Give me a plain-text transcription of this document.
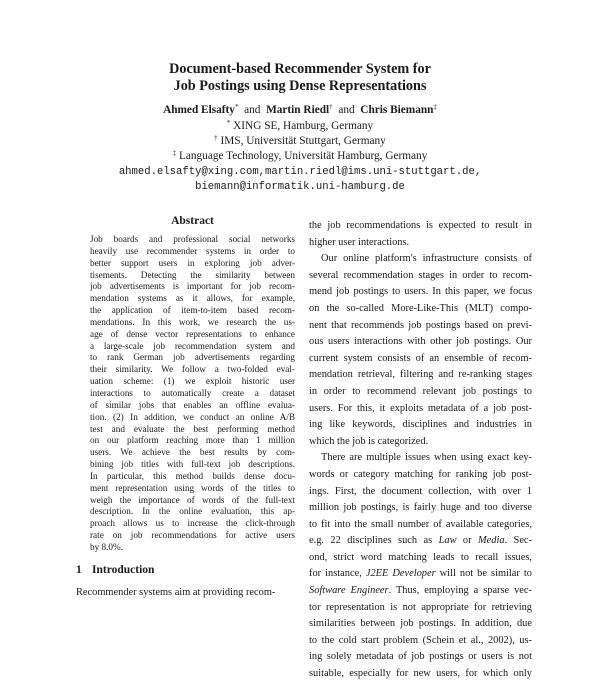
Document-based Recommender System for
Job Postings using Dense Representations
Ahmed Elsafty* and Martin Riedl† and Chris Biemann‡
* XING SE, Hamburg, Germany
† IMS, Universität Stuttgart, Germany
‡ Language Technology, Universität Hamburg, Germany
ahmed.elsafty@xing.com,martin.riedl@ims.uni-stuttgart.de,
biemann@informatik.uni-hamburg.de
Abstract
Job boards and professional social networks
heavily use recommender systems in order to
better support users in exploring job adver-
tisements. Detecting the similarity between
job advertisements is important for job recom-
mendation systems as it allows, for example,
the application of item-to-item based recom-
mendations. In this work, we research the us-
age of dense vector representations to enhance
a large-scale job recommendation system and
to rank German job advertisements regarding
their similarity. We follow a two-folded eval-
uation scheme: (1) we exploit historic user
interactions to automatically create a dataset
of similar jobs that enables an offline evalua-
tion. (2) In addition, we conduct an online A/B
test and evaluate the best performing method
on our platform reaching more than 1 million
users. We achieve the best results by com-
bining job titles with full-text job descriptions.
In particular, this method builds dense docu-
ment representation using words of the titles to
weigh the importance of words of the full-text
description. In the online evaluation, this ap-
proach allows us to increase the click-through
rate on job recommendations for active users
by 8.0%.
1 Introduction
Recommender systems aim at providing recom-
the job recommendations is expected to result in
higher user interactions.
Our online platform's infrastructure consists of
several recommendation stages in order to recom-
mend job postings to users. In this paper, we focus
on the so-called More-Like-This (MLT) compo-
nent that recommends job postings based on previ-
ous users interactions with other job postings. Our
current system consists of an ensemble of recom-
mendation retrieval, filtering and re-ranking stages
in order to recommend relevant job postings to
users. For this, it exploits metadata of a job post-
ing like keywords, disciplines and industries in
which the job is categorized.
There are multiple issues when using exact key-
words or category matching for ranking job post-
ings. First, the document collection, with over 1
million job postings, is fairly huge and too diverse
to fit into the small number of available categories,
e.g. 22 disciplines such as Law or Media. Sec-
ond, strict word matching leads to recall issues,
for instance, J2EE Developer will not be similar to
Software Engineer. Thus, employing a sparse vec-
tor representation is not appropriate for retrieving
similarities between job postings. In addition, due
to the cold start problem (Schein et al., 2002), us-
ing solely metadata of job postings or users is not
suitable, especially for new users, for which only
